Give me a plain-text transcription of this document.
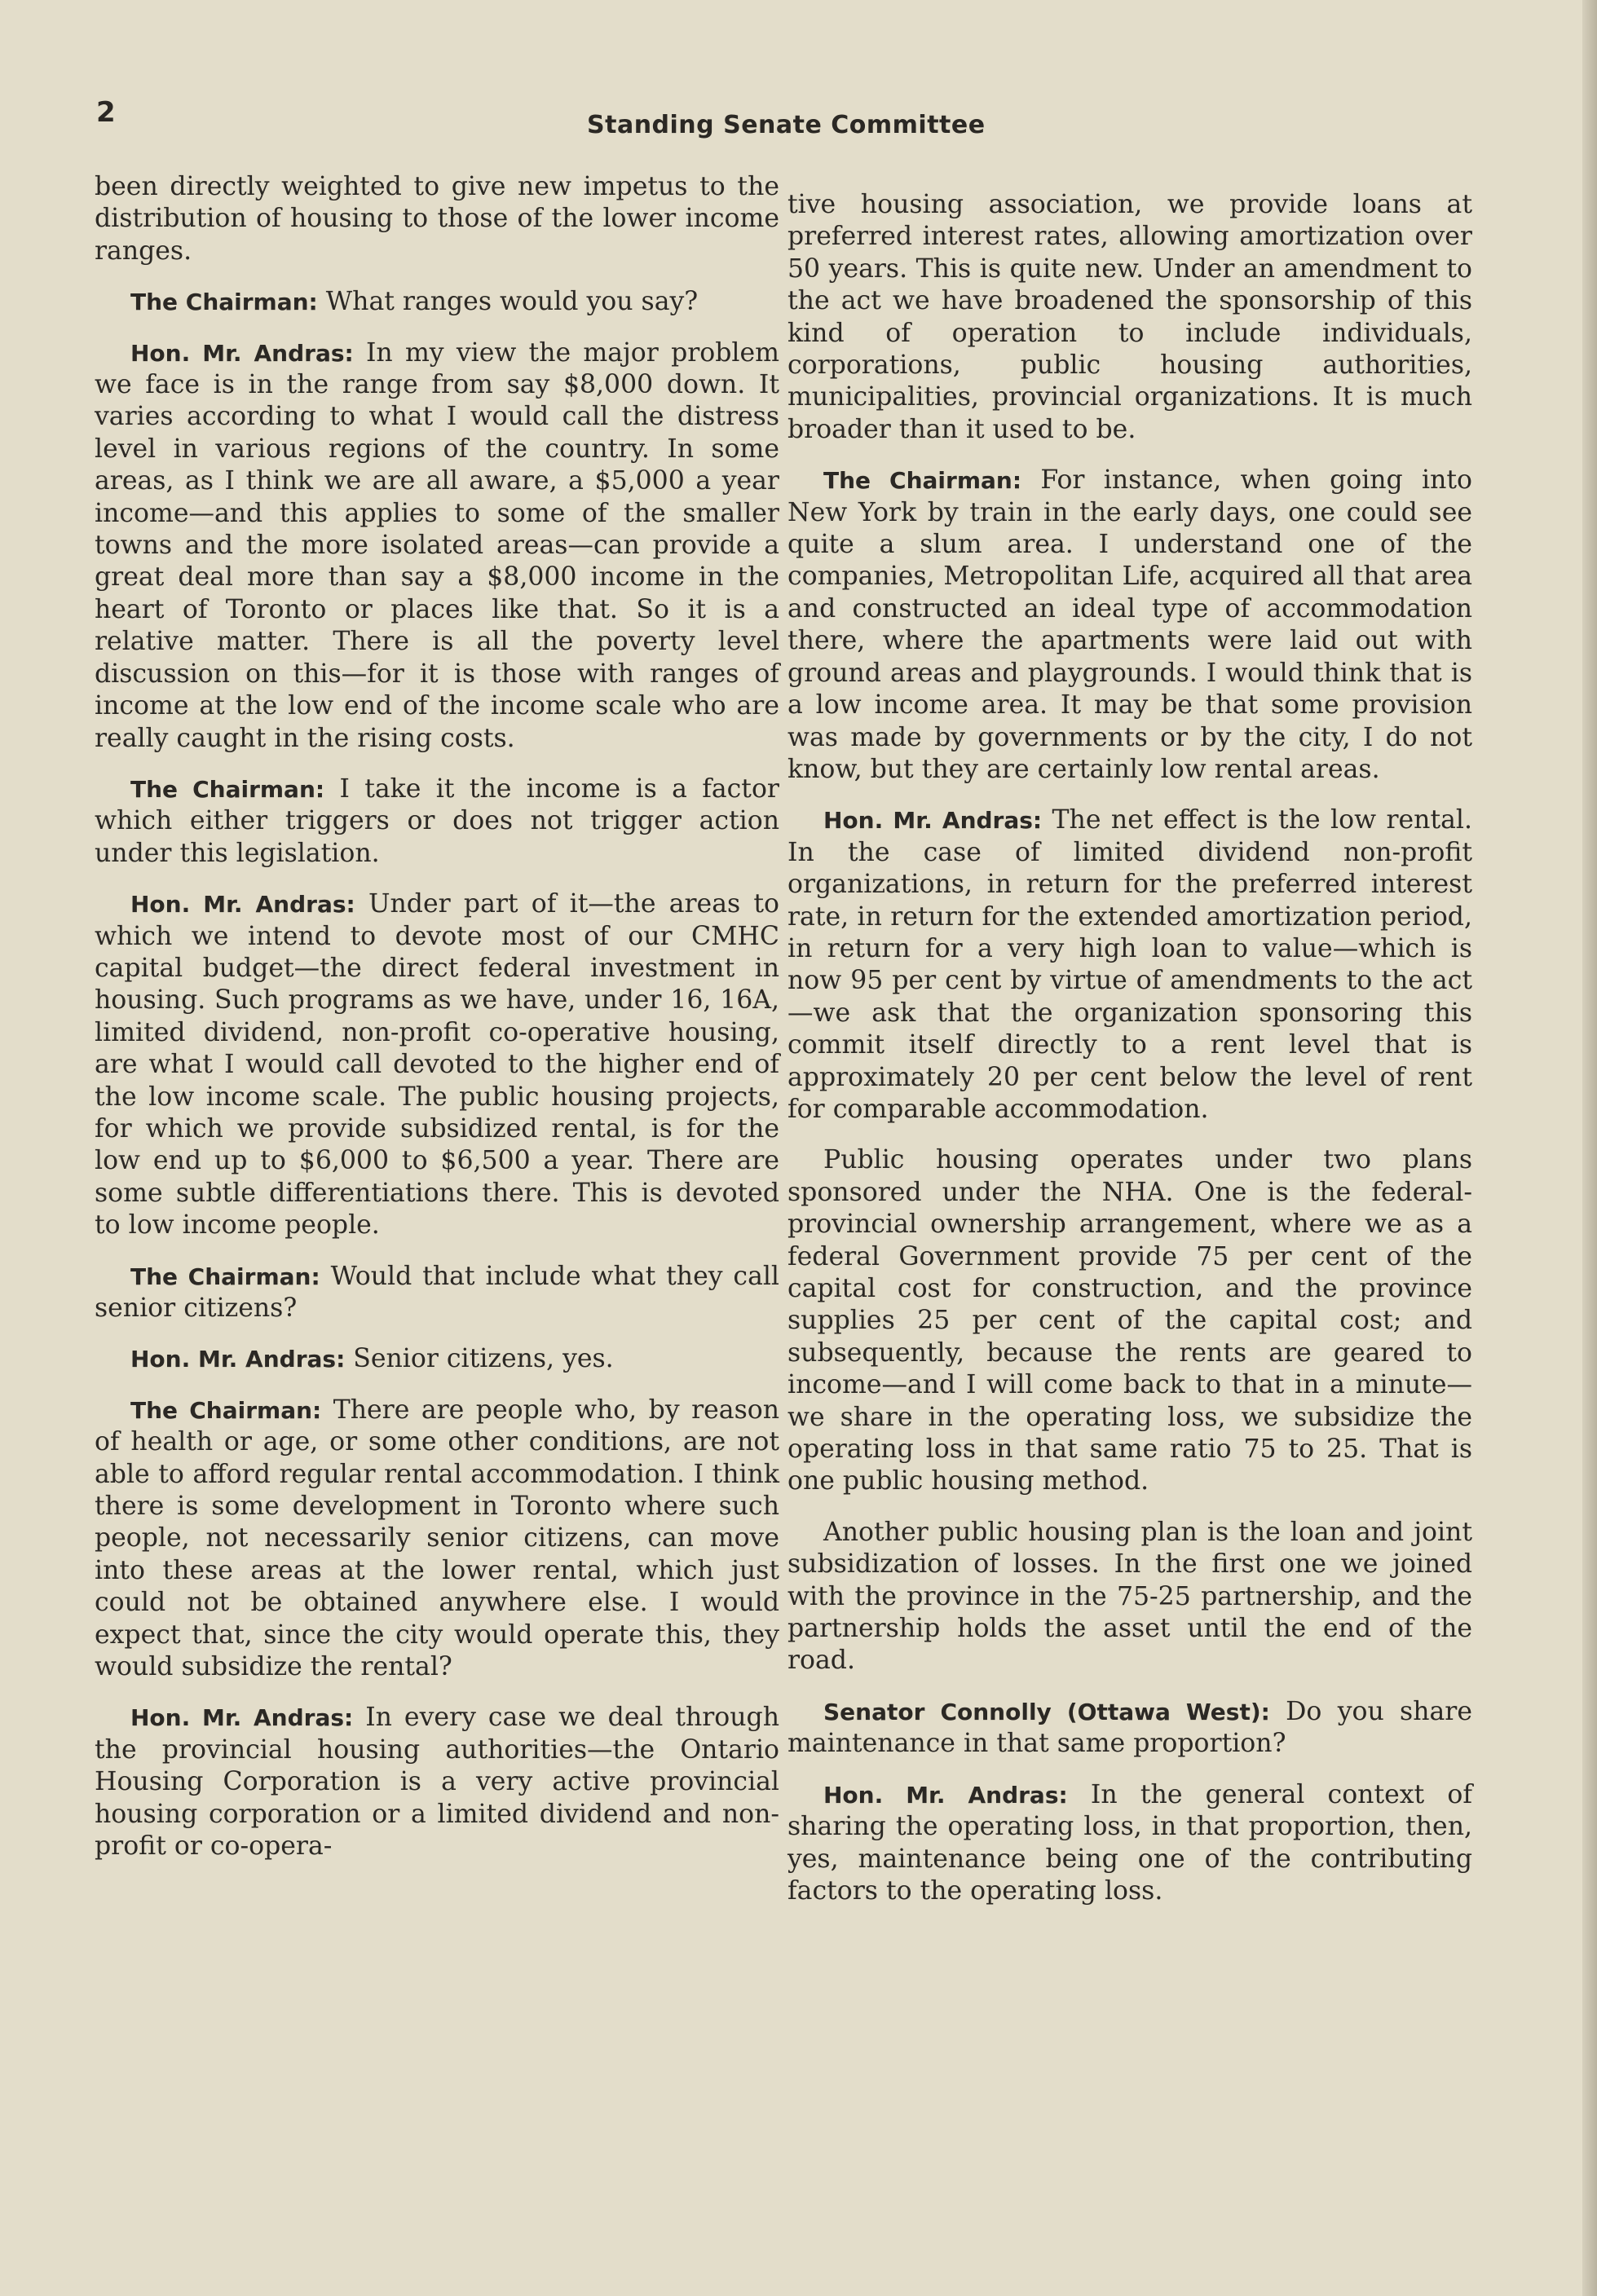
2	Standing Senate Committee

been directly weighted to give new impetus to the distribution of housing to those of the lower income ranges.

The Chairman: What ranges would you say?

Hon. Mr. Andras: In my view the major problem we face is in the range from say $8,000 down. It varies according to what I would call the distress level in various regions of the country. In some areas, as I think we are all aware, a $5,000 a year income—and this applies to some of the smaller towns and the more isolated areas—can provide a great deal more than say a $8,000 income in the heart of Toronto or places like that. So it is a relative matter. There is all the poverty level discussion on this—for it is those with ranges of income at the low end of the income scale who are really caught in the rising costs.

The Chairman: I take it the income is a factor which either triggers or does not trigger action under this legislation.

Hon. Mr. Andras: Under part of it—the areas to which we intend to devote most of our CMHC capital budget—the direct federal investment in housing. Such programs as we have, under 16, 16A, limited dividend, non-profit co-operative housing, are what I would call devoted to the higher end of the low income scale. The public housing projects, for which we provide subsidized rental, is for the low end up to $6,000 to $6,500 a year. There are some subtle differentiations there. This is devoted to low income people.

The Chairman: Would that include what they call senior citizens?

Hon. Mr. Andras: Senior citizens, yes.

The Chairman: There are people who, by reason of health or age, or some other conditions, are not able to afford regular rental accommodation. I think there is some development in Toronto where such people, not necessarily senior citizens, can move into these areas at the lower rental, which just could not be obtained anywhere else. I would expect that, since the city would operate this, they would subsidize the rental?

Hon. Mr. Andras: In every case we deal through the provincial housing authorities—the Ontario Housing Corporation is a very active provincial housing corporation or a limited dividend and non-profit or co-opera-

tive housing association, we provide loans at preferred interest rates, allowing amortization over 50 years. This is quite new. Under an amendment to the act we have broadened the sponsorship of this kind of operation to include individuals, corporations, public housing authorities, municipalities, provincial organizations. It is much broader than it used to be.

The Chairman: For instance, when going into New York by train in the early days, one could see quite a slum area. I understand one of the companies, Metropolitan Life, acquired all that area and constructed an ideal type of accommodation there, where the apartments were laid out with ground areas and playgrounds. I would think that is a low income area. It may be that some provision was made by governments or by the city, I do not know, but they are certainly low rental areas.

Hon. Mr. Andras: The net effect is the low rental. In the case of limited dividend non-profit organizations, in return for the preferred interest rate, in return for the extended amortization period, in return for a very high loan to value—which is now 95 per cent by virtue of amendments to the act—we ask that the organization sponsoring this commit itself directly to a rent level that is approximately 20 per cent below the level of rent for comparable accommodation.

Public housing operates under two plans sponsored under the NHA. One is the federal-provincial ownership arrangement, where we as a federal Government provide 75 per cent of the capital cost for construction, and the province supplies 25 per cent of the capital cost; and subsequently, because the rents are geared to income—and I will come back to that in a minute—we share in the operating loss, we subsidize the operating loss in that same ratio 75 to 25. That is one public housing method.

Another public housing plan is the loan and joint subsidization of losses. In the first one we joined with the province in the 75-25 partnership, and the partnership holds the asset until the end of the road.

Senator Connolly (Ottawa West): Do you share maintenance in that same proportion?

Hon. Mr. Andras: In the general context of sharing the operating loss, in that proportion, then, yes, maintenance being one of the contributing factors to the operating loss.
